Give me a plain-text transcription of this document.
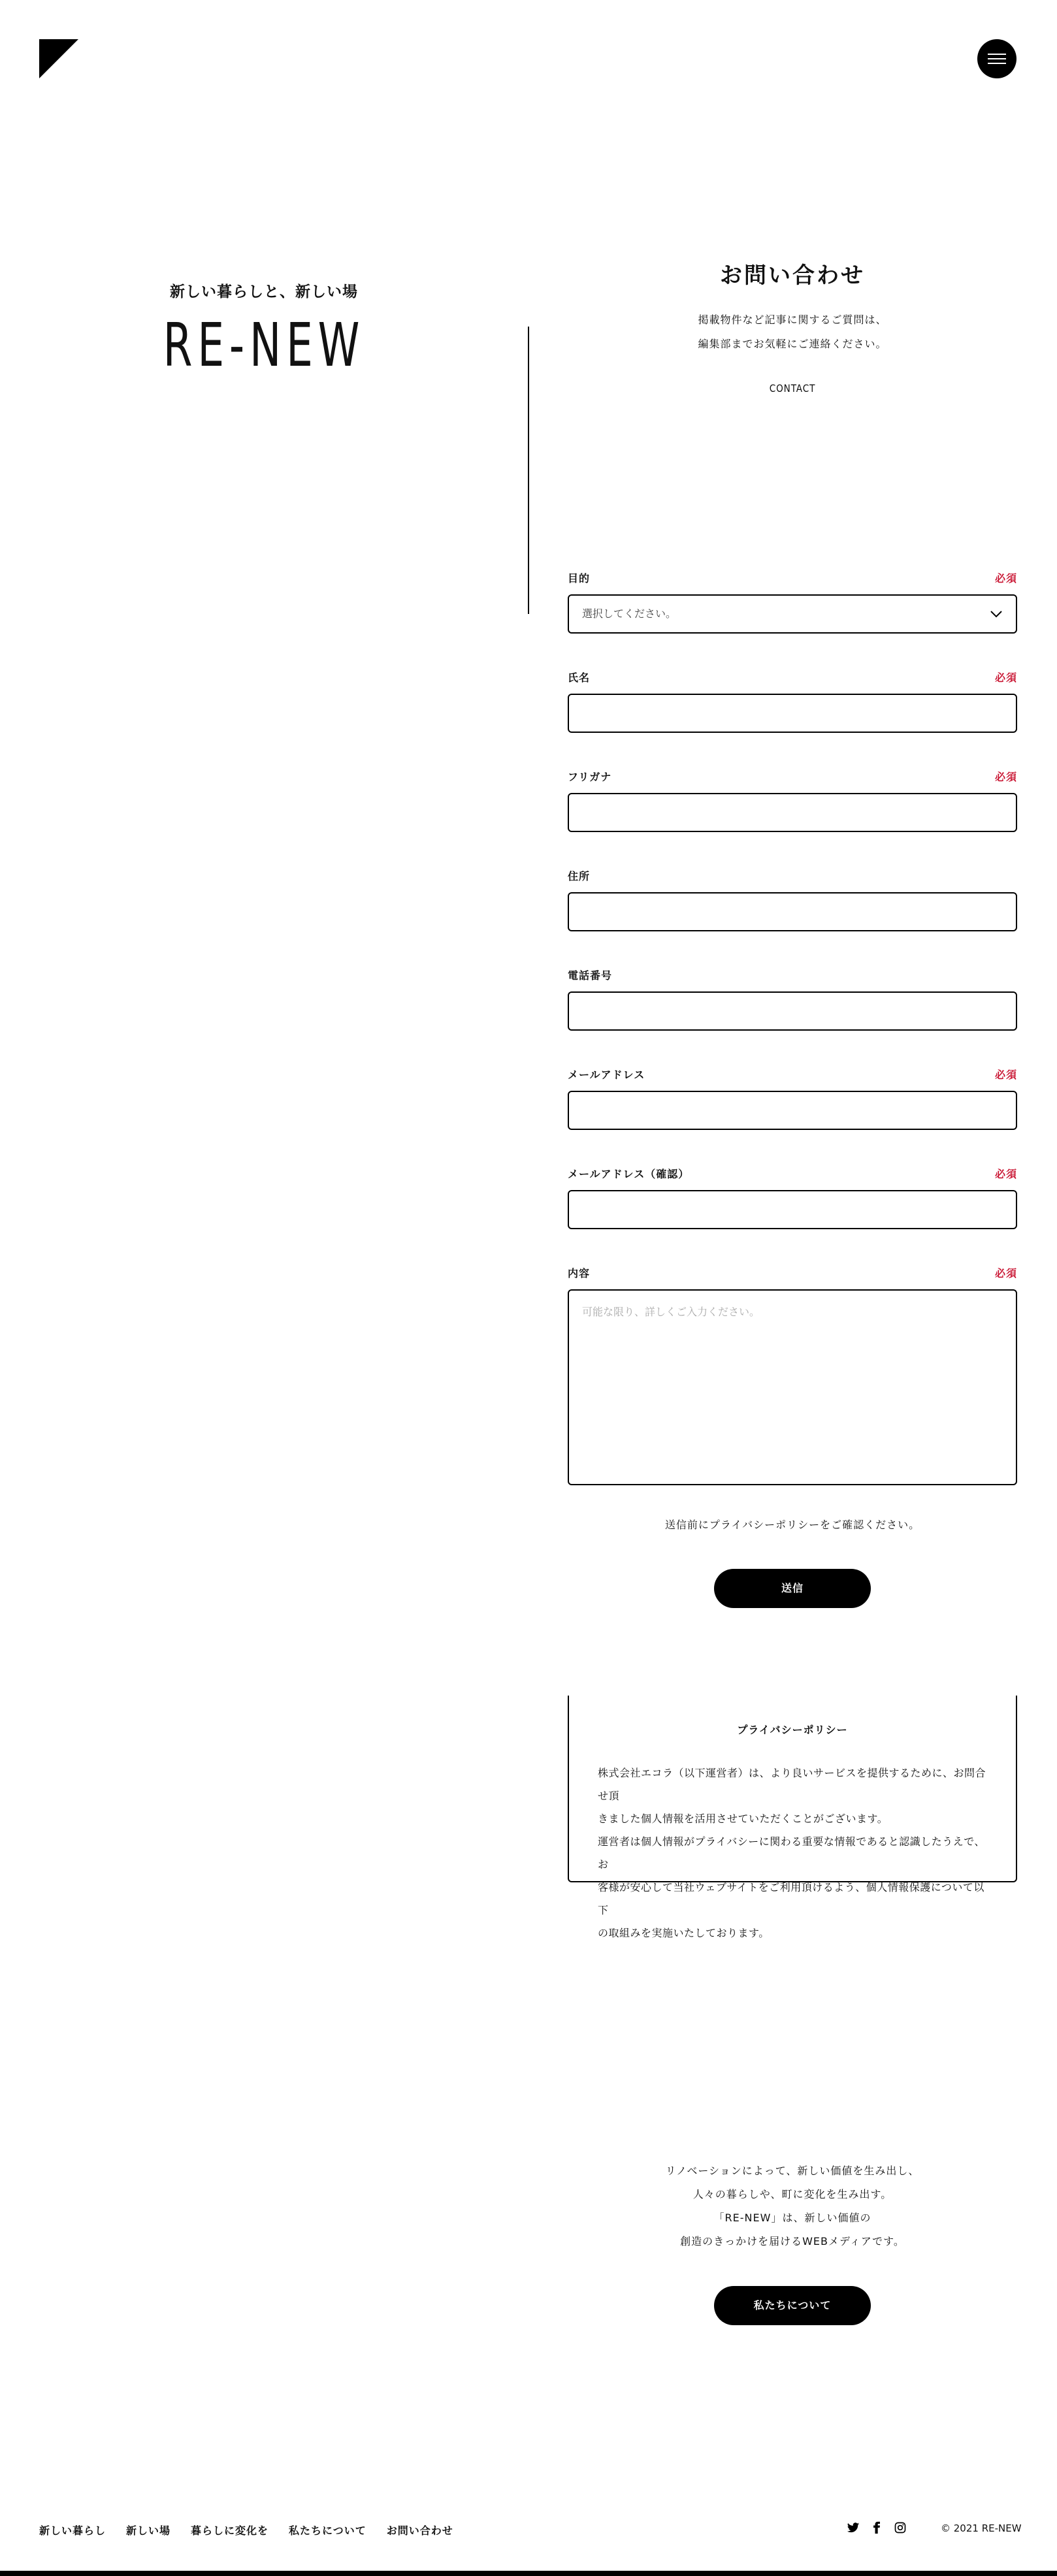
新しい暮らしと、新しい場
RE-NEW
お問い合わせ
掲載物件など記事に関するご質問は、
編集部までお気軽にご連絡ください。
CONTACT
目的	必須
選択してください。
氏名	必須
フリガナ	必須
住所
電話番号
メールアドレス	必須
メールアドレス（確認）	必須
内容	必須
可能な限り、詳しくご入力ください。
送信前にプライバシーポリシーをご確認ください。
送信
プライバシーポリシー
株式会社エコラ（以下運営者）は、より良いサービスを提供するために、お問合せ頂
きました個人情報を活用させていただくことがございます。
運営者は個人情報がプライバシーに関わる重要な情報であると認識したうえで、お
客様が安心して当社ウェブサイトをご利用頂けるよう、個人情報保護について以下
の取組みを実施いたしております。
リノベーションによって、新しい価値を生み出し、
人々の暮らしや、町に変化を生み出す。
「RE-NEW」は、新しい価値の
創造のきっかけを届けるWEBメディアです。
私たちについて
新しい暮らし 新しい場 暮らしに変化を 私たちについて お問い合わせ	© 2021 RE-NEW
